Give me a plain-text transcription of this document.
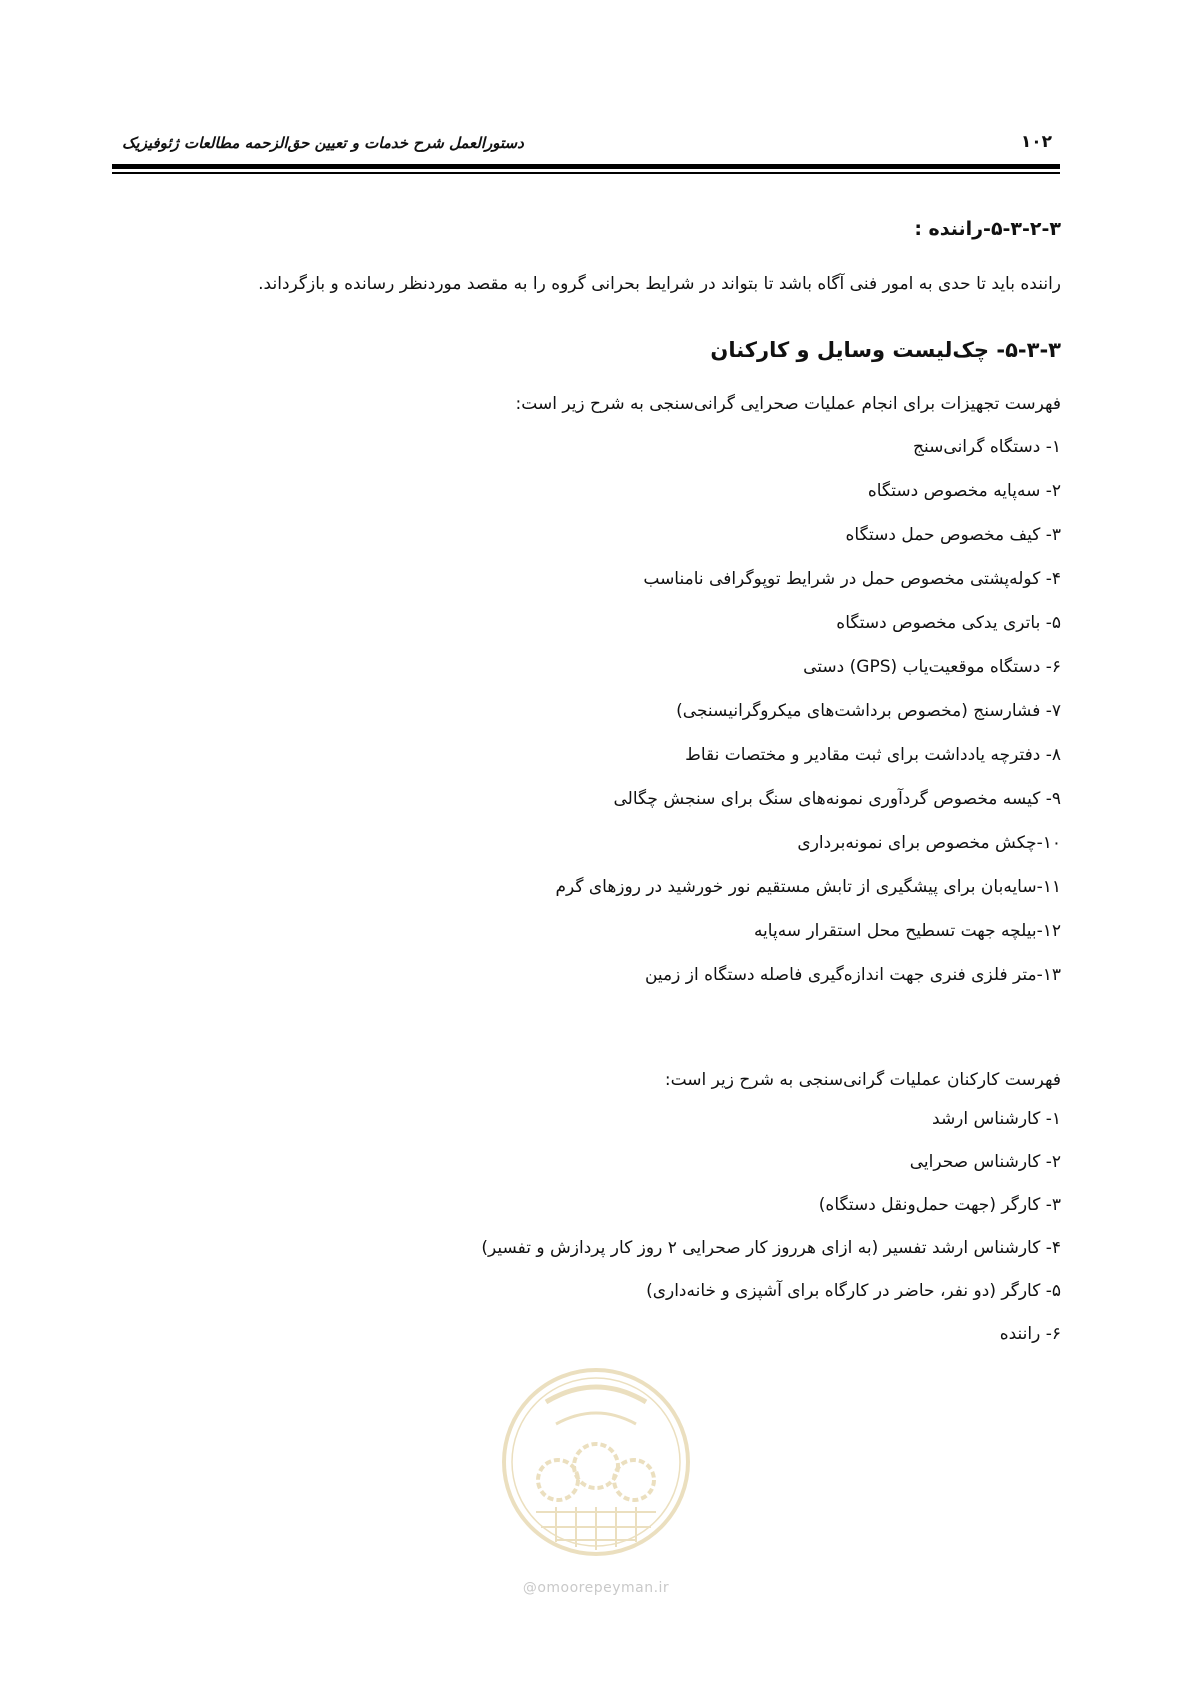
۱۰۲
دستورالعمل شرح خدمات و تعیین حق‌الزحمه مطالعات ژئوفیزیک
۵-۳-۲-۳-راننده :
راننده باید تا حدی به امور فنی آگاه باشد تا بتواند در شرایط بحرانی گروه را به مقصد موردنظر رسانده و بازگرداند.
۵-۳-۳- چک‌لیست وسایل و کارکنان
فهرست تجهیزات برای انجام عملیات صحرایی گرانی‌سنجی به شرح زیر است:
۱- دستگاه گرانی‌سنج
۲- سه‌پایه مخصوص دستگاه
۳- کیف مخصوص حمل دستگاه
۴- کوله‌پشتی مخصوص حمل در شرایط توپوگرافی نامناسب
۵- باتری یدکی مخصوص دستگاه
۶- دستگاه موقعیت‌یاب (GPS) دستی
۷- فشارسنج (مخصوص برداشت‌های میکروگرانیسنجی)
۸- دفترچه یادداشت برای ثبت مقادیر و مختصات نقاط
۹- کیسه مخصوص گردآوری نمونه‌های سنگ برای سنجش چگالی
۱۰-چکش مخصوص برای نمونه‌برداری
۱۱-سایه‌بان برای پیشگیری از تابش مستقیم نور خورشید در روزهای گرم
۱۲-بیلچه جهت تسطیح محل استقرار سه‌پایه
۱۳-متر فلزی فنری جهت اندازه‌گیری فاصله دستگاه از زمین
فهرست کارکنان عملیات گرانی‌سنجی به شرح زیر است:
۱- کارشناس ارشد
۲- کارشناس صحرایی
۳- کارگر (جهت حمل‌ونقل دستگاه)
۴- کارشناس ارشد تفسیر (به ازای هرروز کار صحرایی ۲ روز کار پردازش و تفسیر)
۵- کارگر (دو نفر، حاضر در کارگاه برای آشپزی و خانه‌داری)
۶- راننده
@omoorepeyman.ir
